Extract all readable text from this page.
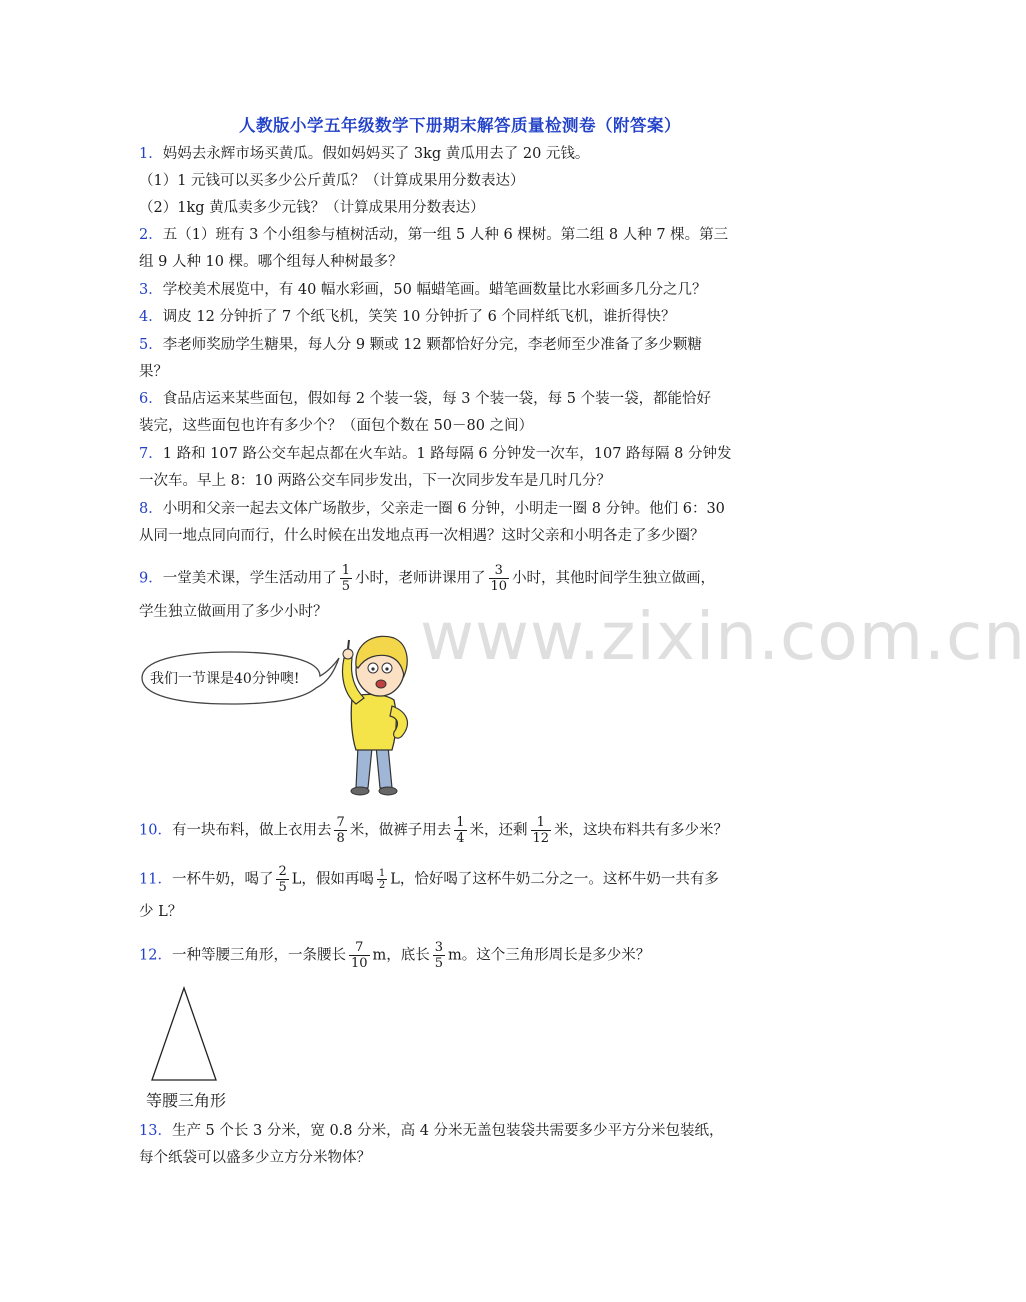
人教版小学五年级数学下册期末解答质量检测卷（附答案）
www.zixin.com.cn
1．妈妈去永辉市场买黄瓜。假如妈妈买了 3kg 黄瓜用去了 20 元钱。
（1）1 元钱可以买多少公斤黄瓜？（计算成果用分数表达）
（2）1kg 黄瓜卖多少元钱？（计算成果用分数表达）
2．五（1）班有 3 个小组参与植树活动，第一组 5 人种 6 棵树。第二组 8 人种 7 棵。第三
组 9 人种 10 棵。哪个组每人种树最多？
3．学校美术展览中，有 40 幅水彩画，50 幅蜡笔画。蜡笔画数量比水彩画多几分之几？
4．调皮 12 分钟折了 7 个纸飞机，笑笑 10 分钟折了 6 个同样纸飞机，谁折得快？
5．李老师奖励学生糖果，每人分 9 颗或 12 颗都恰好分完，李老师至少准备了多少颗糖
果？
6．食品店运来某些面包，假如每 2 个装一袋，每 3 个装一袋，每 5 个装一袋，都能恰好
装完，这些面包也许有多少个？（面包个数在 50－80 之间）
7．1 路和 107 路公交车起点都在火车站。1 路每隔 6 分钟发一次车，107 路每隔 8 分钟发
一次车。早上 8：10 两路公交车同步发出，下一次同步发车是几时几分？
8．小明和父亲一起去文体广场散步，父亲走一圈 6 分钟，小明走一圈 8 分钟。他们 6：30
从同一地点同向而行，什么时候在出发地点再一次相遇？这时父亲和小明各走了多少圈？
9．一堂美术课，学生活动用了 $\frac{1}{5}$ 小时，老师讲课用了 $\frac{3}{10}$ 小时，其他时间学生独立做画，
学生独立做画用了多少小时？
我们一节课是40分钟噢!
10．有一块布料，做上衣用去 $\frac{7}{8}$ 米，做裤子用去 $\frac{1}{4}$ 米，还剩 $\frac{1}{12}$ 米，这块布料共有多少米？
11．一杯牛奶，喝了 $\frac{2}{5}$ L，假如再喝 $\frac{1}{2}$ L，恰好喝了这杯牛奶二分之一。这杯牛奶一共有多
少 L？
12．一种等腰三角形，一条腰长 $\frac{7}{10}$ m，底长 $\frac{3}{5}$ m。这个三角形周长是多少米？
等腰三角形
13．生产 5 个长 3 分米，宽 0.8 分米，高 4 分米无盖包装袋共需要多少平方分米包装纸，
每个纸袋可以盛多少立方分米物体？
